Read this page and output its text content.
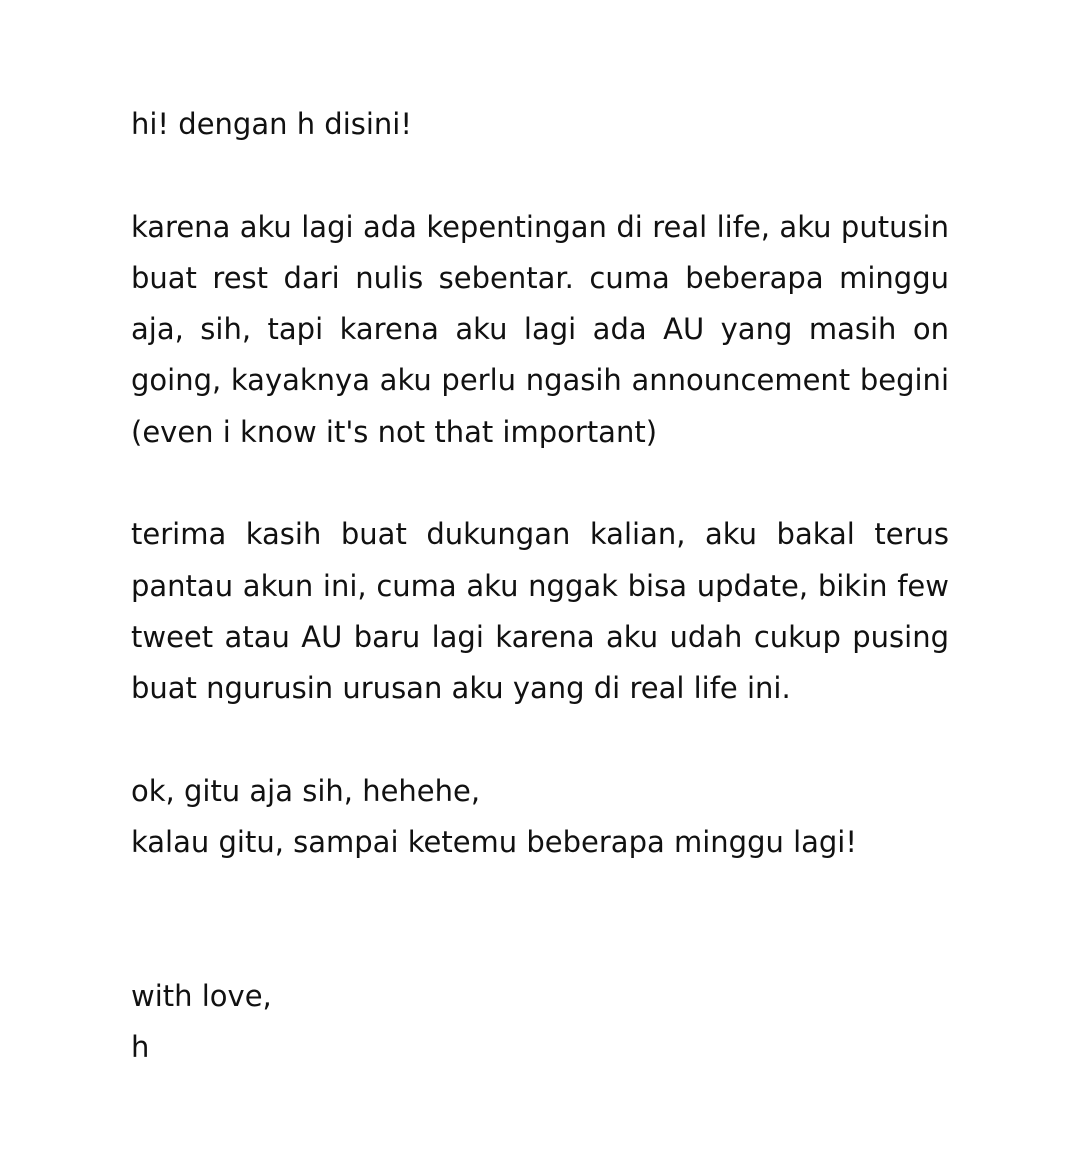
hi! dengan h disini!

karena aku lagi ada kepentingan di real life, aku putusin buat rest dari nulis sebentar. cuma beberapa minggu aja, sih, tapi karena aku lagi ada AU yang masih on going, kayaknya aku perlu ngasih announcement begini (even i know it's not that important)

terima kasih buat dukungan kalian, aku bakal terus pantau akun ini, cuma aku nggak bisa update, bikin few tweet atau AU baru lagi karena aku udah cukup pusing buat ngurusin urusan aku yang di real life ini.

ok, gitu aja sih, hehehe,

kalau gitu, sampai ketemu beberapa minggu lagi!

with love,

h
